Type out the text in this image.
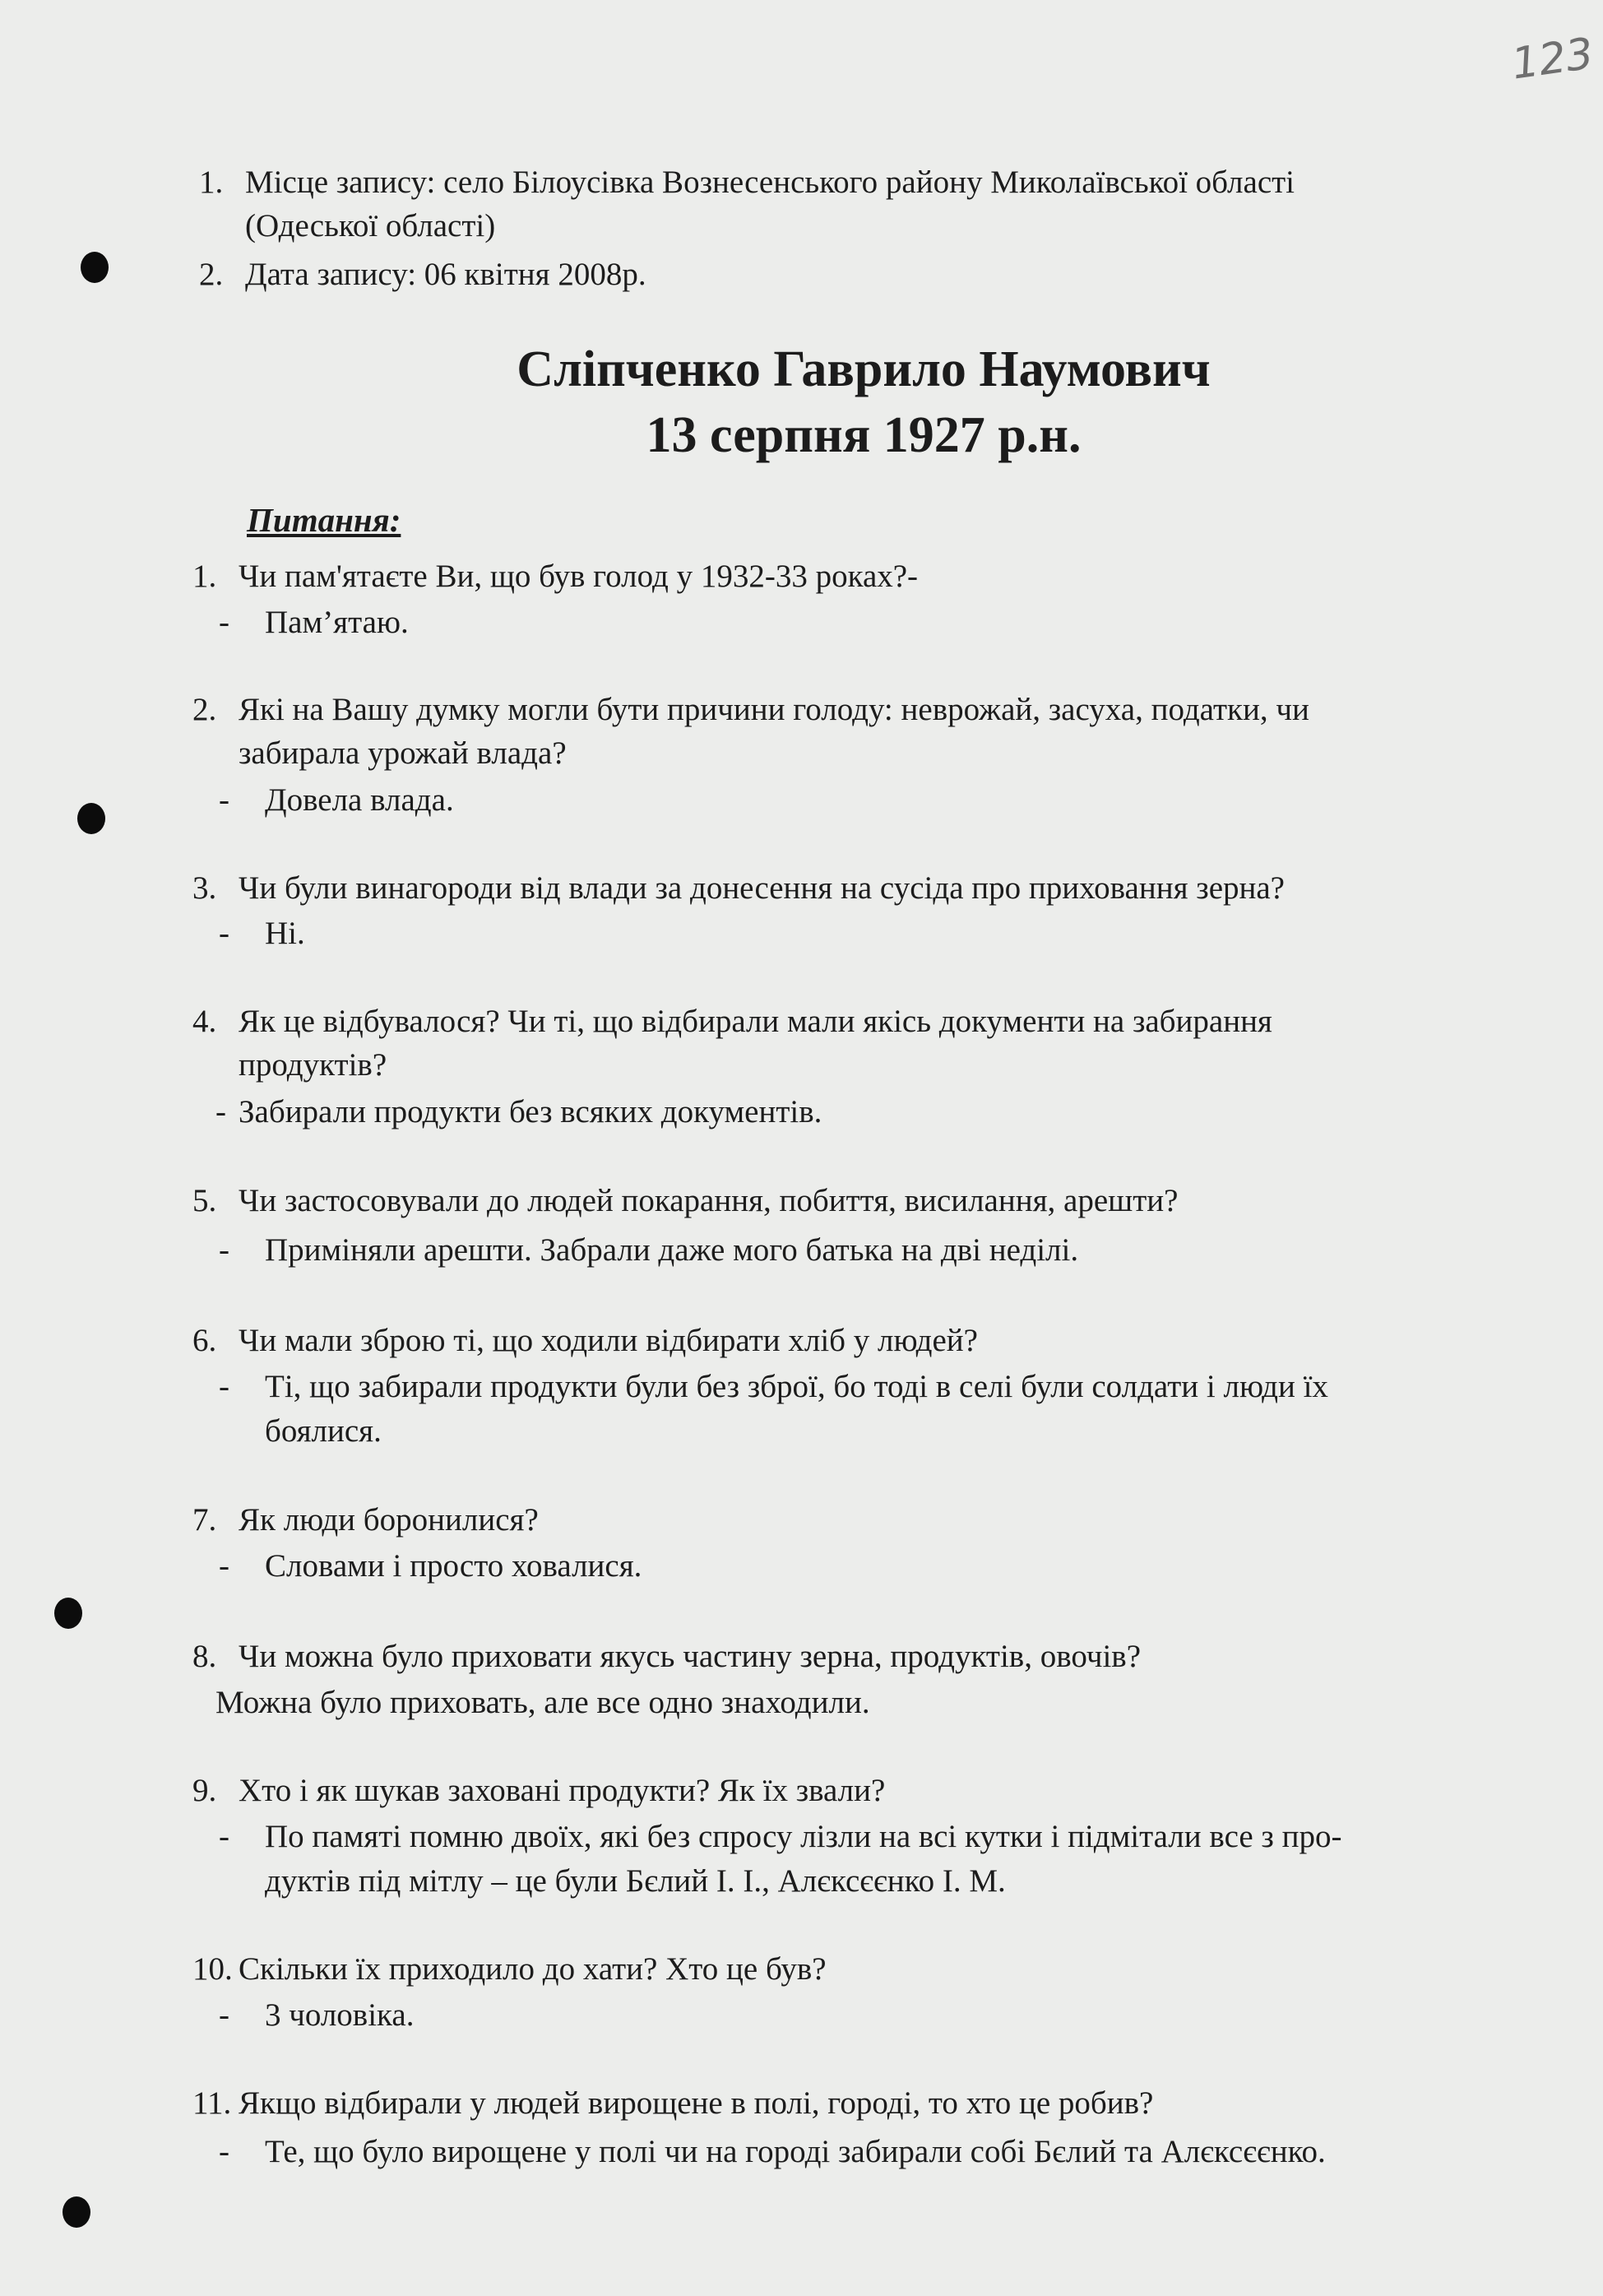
123
1. Місце запису: село Білоусівка Вознесенського району Миколаївської області
(Одеської області)
2. Дата запису: 06 квітня 2008р.
Сліпченко Гаврило Наумович
13 серпня 1927 р.н.
Питання:
1. Чи пам'ятаєте Ви, що був голод у 1932-33 роках?-
- Пам’ятаю.
2. Які на Вашу думку могли бути причини голоду: неврожай, засуха, податки, чи
забирала урожай влада?
- Довела влада.
3. Чи були винагороди від влади за донесення на сусіда про приховання зерна?
- Ні.
4. Як це відбувалося? Чи ті, що відбирали мали якісь документи на забирання
продуктів?
- Забирали продукти без всяких документів.
5. Чи застосовували до людей покарання, побиття, висилання, арешти?
- Приміняли арешти. Забрали даже мого батька на дві неділі.
6. Чи мали зброю ті, що ходили відбирати хліб у людей?
- Ті, що забирали продукти були без зброї, бо тоді в селі були солдати і люди їх
боялися.
7. Як люди боронилися?
- Словами і просто ховалися.
8. Чи можна було приховати якусь частину зерна, продуктів, овочів?
Можна було приховать, але все одно знаходили.
9. Хто і як шукав заховані продукти? Як їх звали?
- По памяті помню двоїх, які без спросу лізли на всі кутки і підмітали все з про-
дуктів під мітлу – це були Бєлий І. І., Алєксєєнко І. М.
10. Скільки їх приходило до хати? Хто це був?
- 3 чоловіка.
11. Якщо відбирали у людей вирощене в полі, городі, то хто це робив?
- Те, що було вирощене у полі чи на городі забирали собі Бєлий та Алєксєєнко.
